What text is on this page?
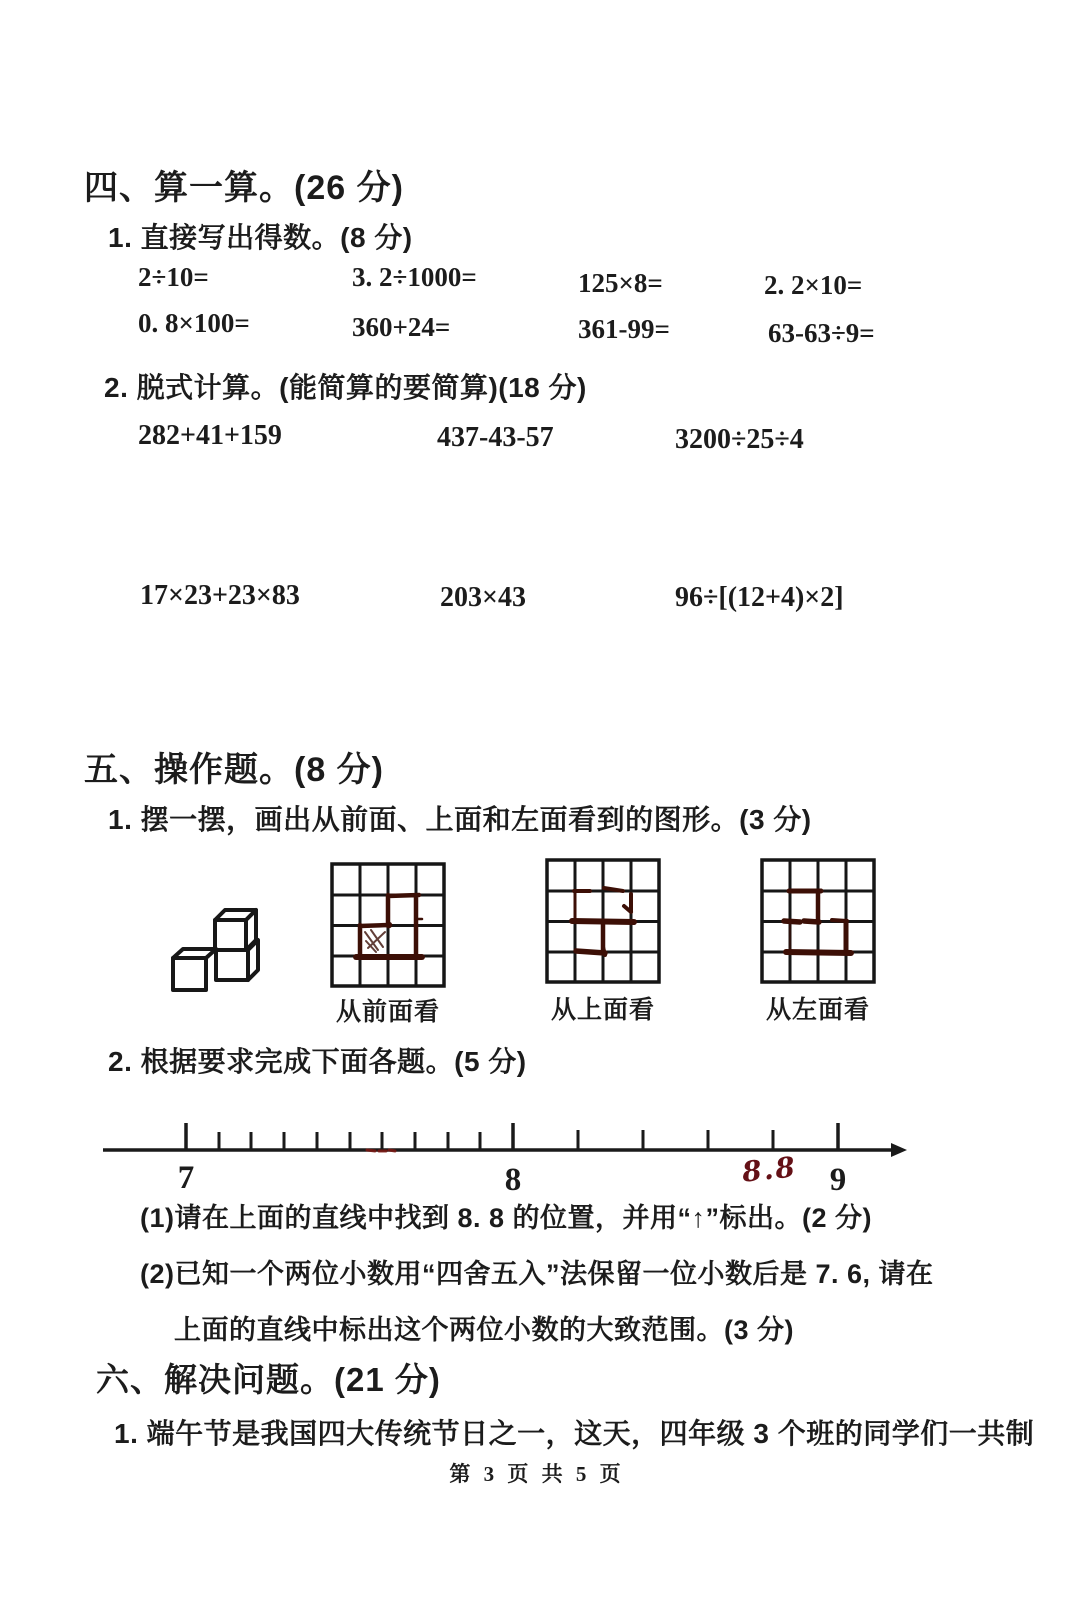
四、算一算。(26 分)
1. 直接写出得数。(8 分)
2÷10=	3. 2÷1000=	125×8=	2. 2×10=
0. 8×100=	360+24=	361-99=	63-63÷9=
2. 脱式计算。(能简算的要简算)(18 分)
282+41+159	437-43-57	3200÷25÷4
17×23+23×83	203×43	96÷[(12+4)×2]
五、操作题。(8 分)
1. 摆一摆，画出从前面、上面和左面看到的图形。(3 分)
从前面看	从上面看	从左面看
2. 根据要求完成下面各题。(5 分)
7	8	9
8.8
(1)请在上面的直线中找到 8. 8 的位置，并用“↑”标出。(2 分)
(2)已知一个两位小数用“四舍五入”法保留一位小数后是 7. 6, 请在
上面的直线中标出这个两位小数的大致范围。(3 分)
六、解决问题。(21 分)
1. 端午节是我国四大传统节日之一，这天，四年级 3 个班的同学们一共制
第 3 页 共 5 页
